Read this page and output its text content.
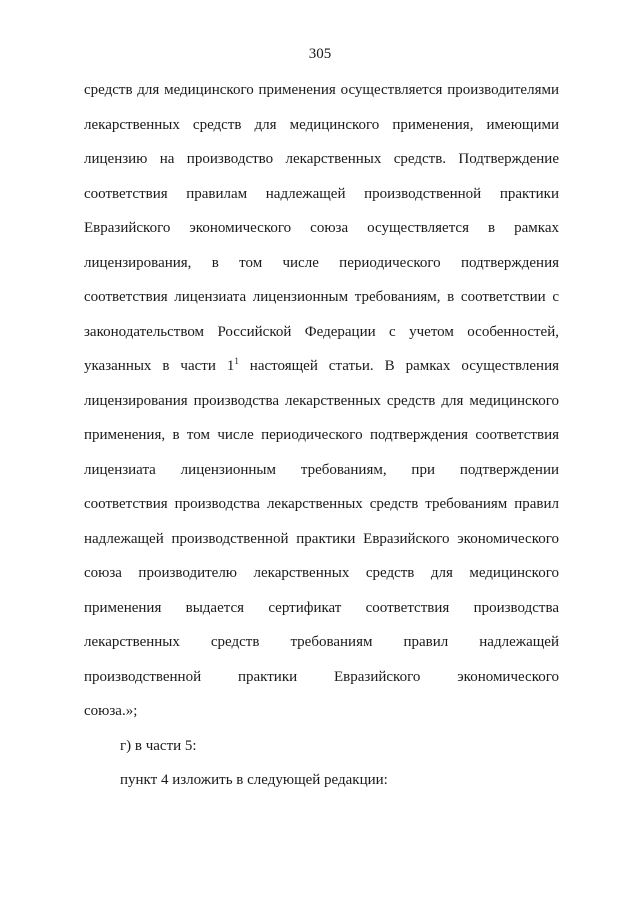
305
средств для медицинского применения осуществляется производителями
лекарственных средств для медицинского применения, имеющими
лицензию на производство лекарственных средств. Подтверждение
соответствия правилам надлежащей производственной практики
Евразийского экономического союза осуществляется в рамках
лицензирования, в том числе периодического подтверждения
соответствия лицензиата лицензионным требованиям, в соответствии с
законодательством Российской Федерации с учетом особенностей,
указанных в части $1^1$ настоящей статьи. В рамках осуществления
лицензирования производства лекарственных средств для медицинского
применения, в том числе периодического подтверждения соответствия
лицензиата лицензионным требованиям, при подтверждении
соответствия производства лекарственных средств требованиям правил
надлежащей производственной практики Евразийского экономического
союза производителю лекарственных средств для медицинского
применения выдается сертификат соответствия производства
лекарственных средств требованиям правил надлежащей
производственной практики Евразийского экономического
союза.»;
г) в части 5:
пункт 4 изложить в следующей редакции:
